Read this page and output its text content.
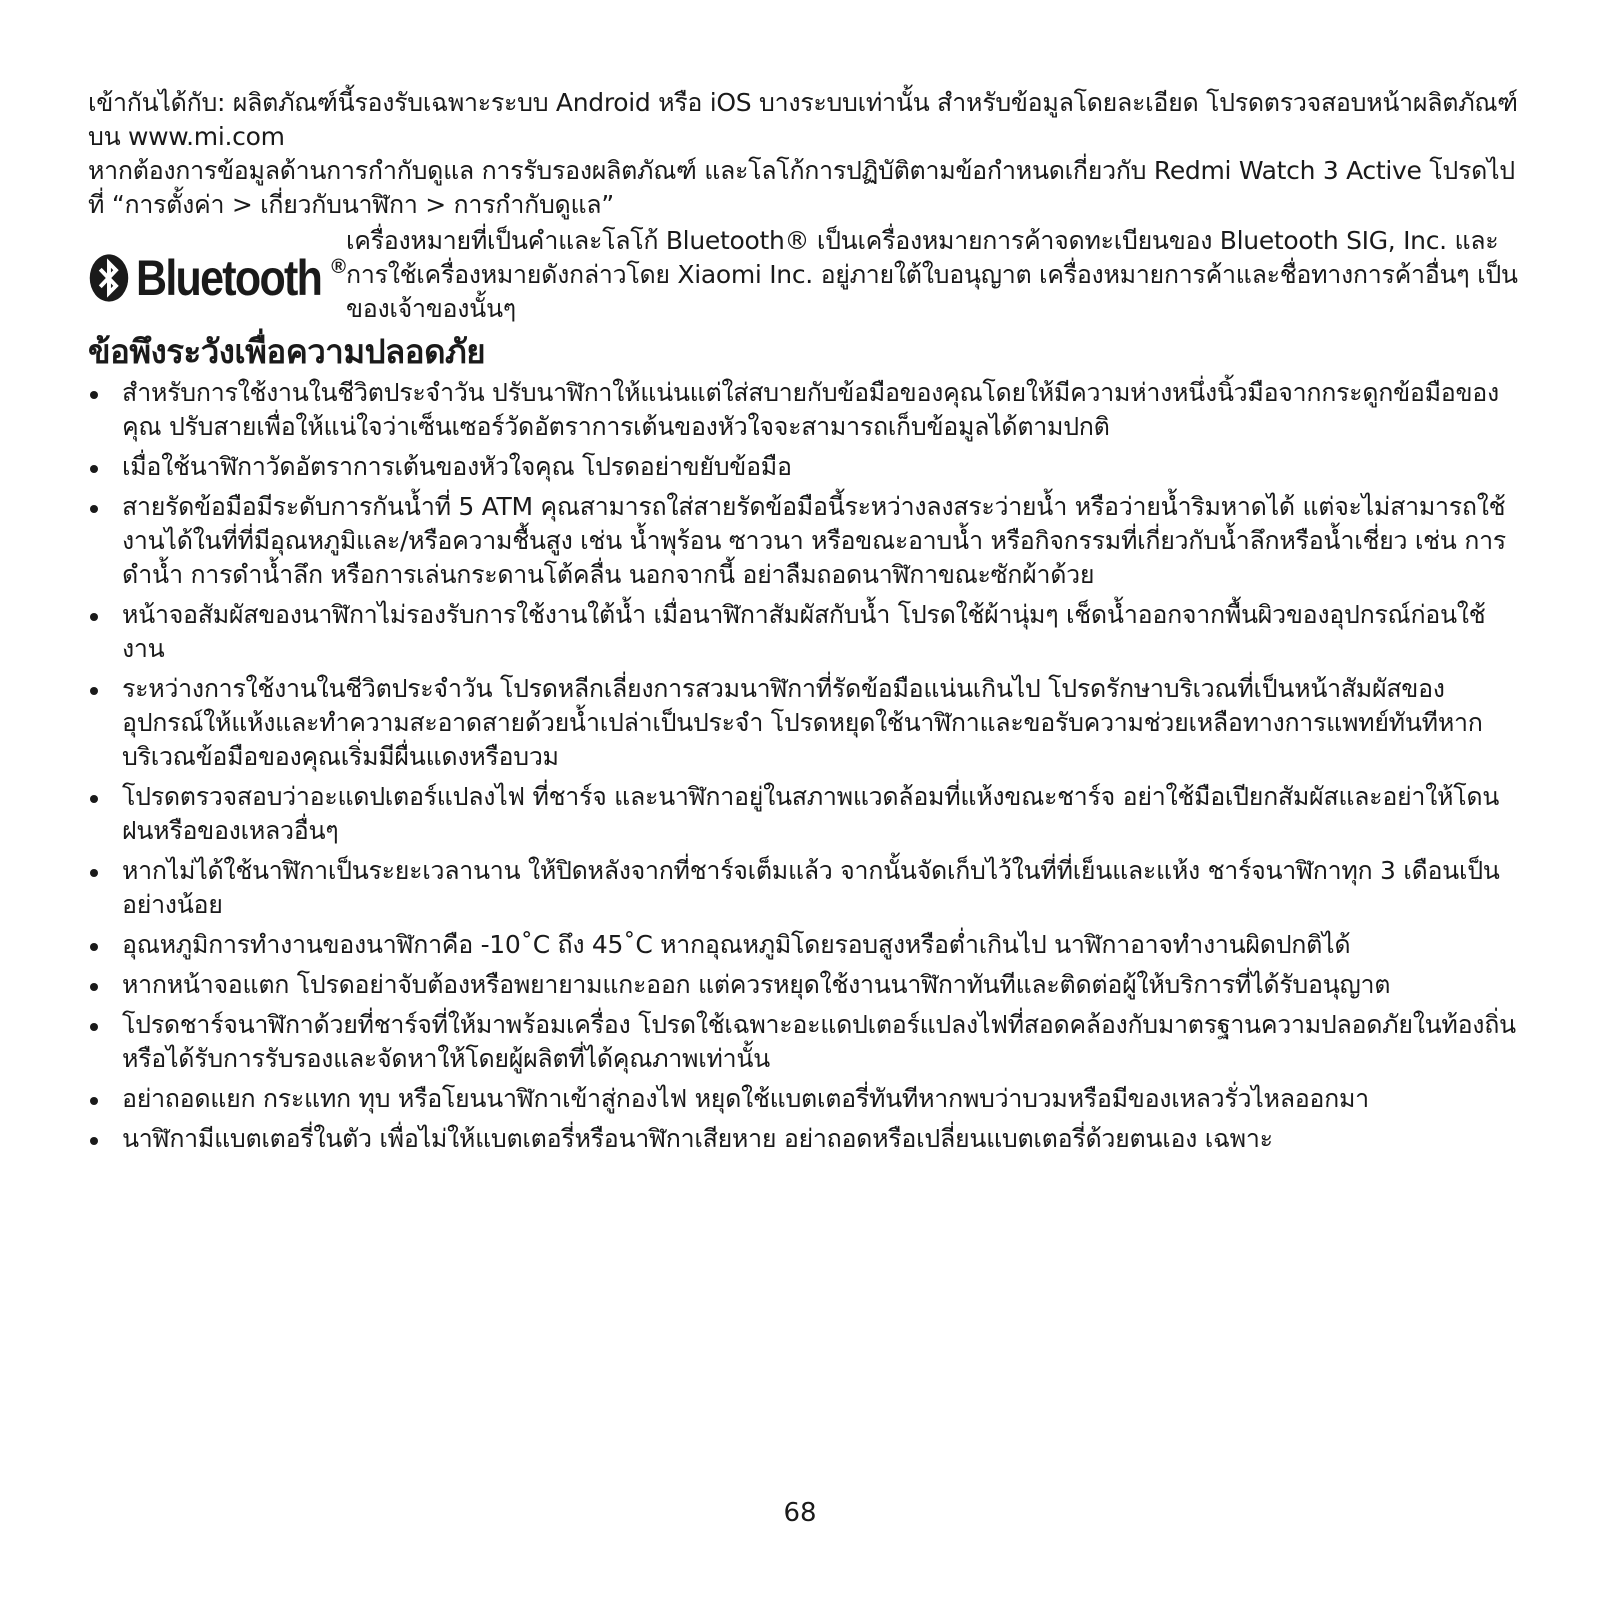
เข้ากันได้กับ: ผลิตภัณฑ์นี้รองรับเฉพาะระบบ Android หรือ iOS บางระบบเท่านั้น สำหรับข้อมูลโดยละเอียด โปรดตรวจสอบหน้าผลิตภัณฑ์บน www.mi.com

หากต้องการข้อมูลด้านการกำกับดูแล การรับรองผลิตภัณฑ์ และโลโก้การปฏิบัติตามข้อกำหนดเกี่ยวกับ Redmi Watch 3 Active โปรดไปที่ “การตั้งค่า > เกี่ยวกับนาฬิกา > การกำกับดูแล”

Bluetooth ®
เครื่องหมายที่เป็นคำและโลโก้ Bluetooth® เป็นเครื่องหมายการค้าจดทะเบียนของ Bluetooth SIG, Inc. และการใช้เครื่องหมายดังกล่าวโดย Xiaomi Inc. อยู่ภายใต้ใบอนุญาต เครื่องหมายการค้าและชื่อทางการค้าอื่นๆ เป็นของเจ้าของนั้นๆ
ข้อพึงระวังเพื่อความปลอดภัย
สำหรับการใช้งานในชีวิตประจำวัน ปรับนาฬิกาให้แน่นแต่ใส่สบายกับข้อมือของคุณโดยให้มีความห่างหนึ่งนิ้วมือจากกระดูกข้อมือของคุณ ปรับสายเพื่อให้แน่ใจว่าเซ็นเซอร์วัดอัตราการเต้นของหัวใจจะสามารถเก็บข้อมูลได้ตามปกติ
เมื่อใช้นาฬิกาวัดอัตราการเต้นของหัวใจคุณ โปรดอย่าขยับข้อมือ
สายรัดข้อมือมีระดับการกันน้ำที่ 5 ATM คุณสามารถใส่สายรัดข้อมือนี้ระหว่างลงสระว่ายน้ำ หรือว่ายน้ำริมหาดได้ แต่จะไม่สามารถใช้งานได้ในที่ที่มีอุณหภูมิและ/หรือความชื้นสูง เช่น น้ำพุร้อน ซาวนา หรือขณะอาบน้ำ หรือกิจกรรมที่เกี่ยวกับน้ำลึกหรือน้ำเชี่ยว เช่น การดำน้ำ การดำน้ำลึก หรือการเล่นกระดานโต้คลื่น นอกจากนี้ อย่าลืมถอดนาฬิกาขณะซักผ้าด้วย
หน้าจอสัมผัสของนาฬิกาไม่รองรับการใช้งานใต้น้ำ เมื่อนาฬิกาสัมผัสกับน้ำ โปรดใช้ผ้านุ่มๆ เช็ดน้ำออกจากพื้นผิวของอุปกรณ์ก่อนใช้งาน
ระหว่างการใช้งานในชีวิตประจำวัน โปรดหลีกเลี่ยงการสวมนาฬิกาที่รัดข้อมือแน่นเกินไป โปรดรักษาบริเวณที่เป็นหน้าสัมผัสของอุปกรณ์ให้แห้งและทำความสะอาดสายด้วยน้ำเปล่าเป็นประจำ โปรดหยุดใช้นาฬิกาและขอรับความช่วยเหลือทางการแพทย์ทันทีหากบริเวณข้อมือของคุณเริ่มมีผื่นแดงหรือบวม
โปรดตรวจสอบว่าอะแดปเตอร์แปลงไฟ ที่ชาร์จ และนาฬิกาอยู่ในสภาพแวดล้อมที่แห้งขณะชาร์จ อย่าใช้มือเปียกสัมผัสและอย่าให้โดนฝนหรือของเหลวอื่นๆ
หากไม่ได้ใช้นาฬิกาเป็นระยะเวลานาน ให้ปิดหลังจากที่ชาร์จเต็มแล้ว จากนั้นจัดเก็บไว้ในที่ที่เย็นและแห้ง ชาร์จนาฬิกาทุก 3 เดือนเป็นอย่างน้อย
อุณหภูมิการทำงานของนาฬิกาคือ -10˚C ถึง 45˚C หากอุณหภูมิโดยรอบสูงหรือต่ำเกินไป นาฬิกาอาจทำงานผิดปกติได้
หากหน้าจอแตก โปรดอย่าจับต้องหรือพยายามแกะออก แต่ควรหยุดใช้งานนาฬิกาทันทีและติดต่อผู้ให้บริการที่ได้รับอนุญาต
โปรดชาร์จนาฬิกาด้วยที่ชาร์จที่ให้มาพร้อมเครื่อง โปรดใช้เฉพาะอะแดปเตอร์แปลงไฟที่สอดคล้องกับมาตรฐานความปลอดภัยในท้องถิ่นหรือได้รับการรับรองและจัดหาให้โดยผู้ผลิตที่ได้คุณภาพเท่านั้น
อย่าถอดแยก กระแทก ทุบ หรือโยนนาฬิกาเข้าสู่กองไฟ หยุดใช้แบตเตอรี่ทันทีหากพบว่าบวมหรือมีของเหลวรั่วไหลออกมา
นาฬิกามีแบตเตอรี่ในตัว เพื่อไม่ให้แบตเตอรี่หรือนาฬิกาเสียหาย อย่าถอดหรือเปลี่ยนแบตเตอรี่ด้วยตนเอง เฉพาะ
68
